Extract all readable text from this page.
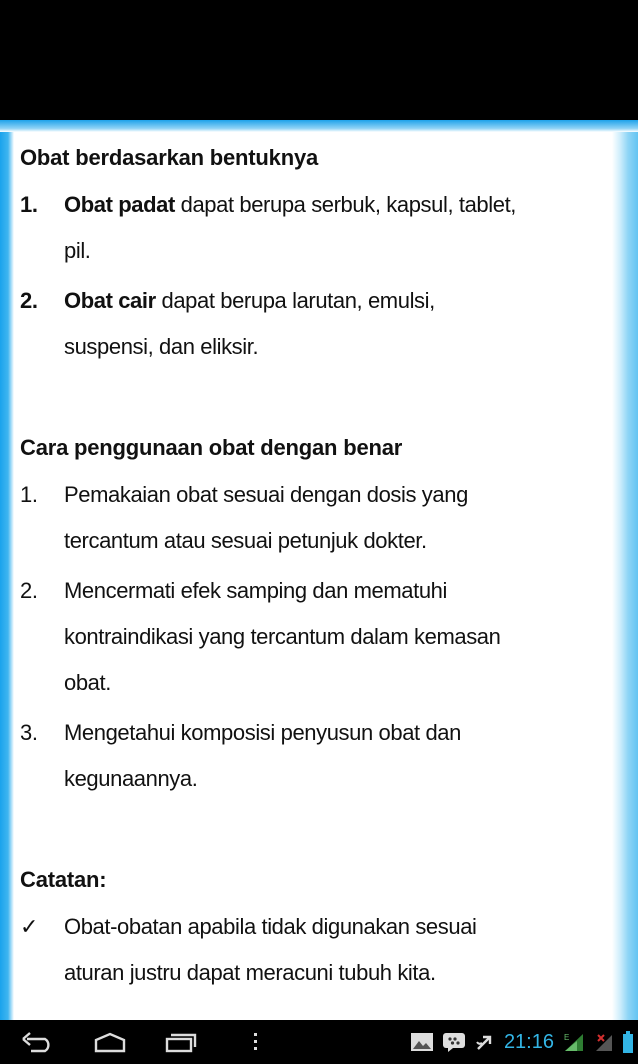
Obat berdasarkan bentuknya
1. Obat padat dapat berupa serbuk, kapsul, tablet,
pil.
2. Obat cair dapat berupa larutan, emulsi,
suspensi, dan eliksir.
Cara penggunaan obat dengan benar
1. Pemakaian obat sesuai dengan dosis yang
tercantum atau sesuai petunjuk dokter.
2. Mencermati efek samping dan mematuhi
kontraindikasi yang tercantum dalam kemasan
obat.
3. Mengetahui komposisi penyusun obat dan
kegunaannya.
Catatan:
✓ Obat-obatan apabila tidak digunakan sesuai
aturan justru dapat meracuni tubuh kita.
21:16 E
